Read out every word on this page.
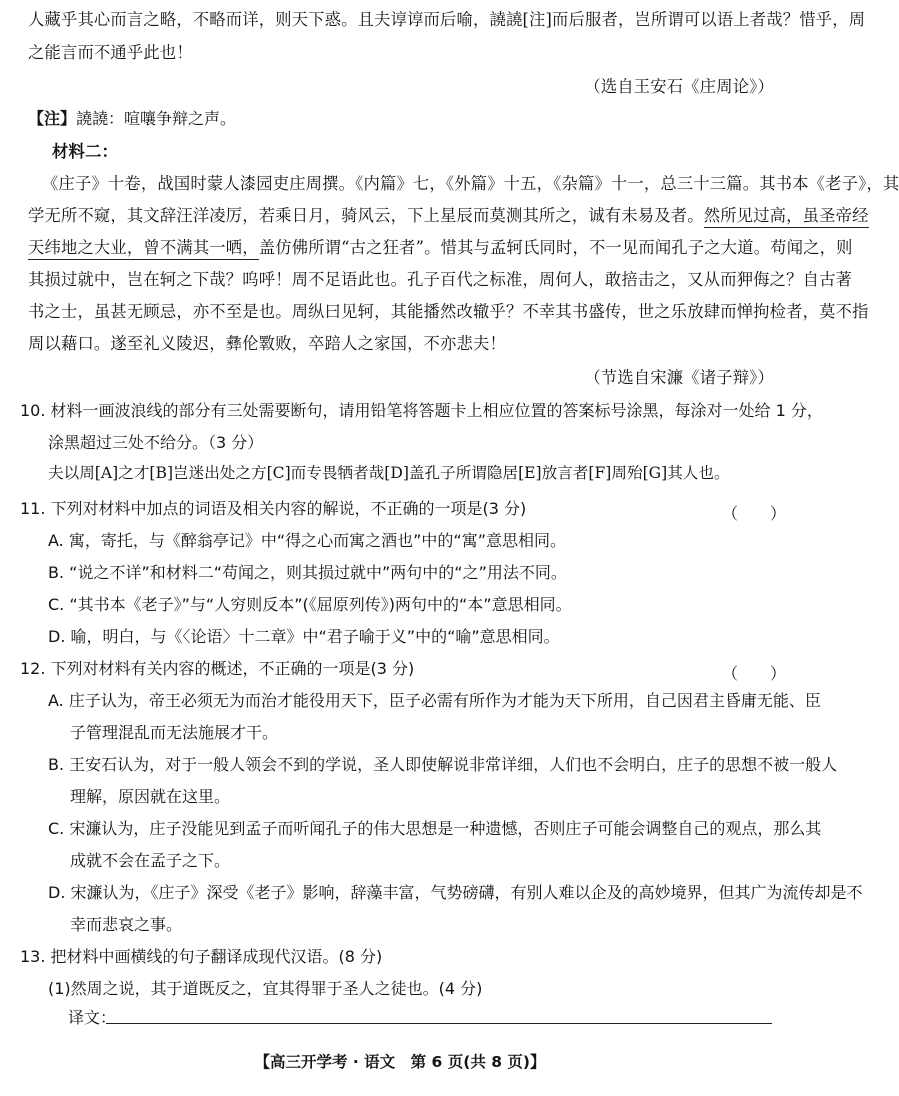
人藏乎其心而言之略，不略而详，则天下惑。且夫谆谆而后喻，譊譊[注]而后服者，岂所谓可以语上者哉？惜乎，周
之能言而不通乎此也！
（选自王安石《庄周论》）
【注】譊譊：喧嚷争辩之声。
材料二：
《庄子》十卷，战国时蒙人漆园吏庄周撰。《内篇》七，《外篇》十五，《杂篇》十一，总三十三篇。其书本《老子》，其
学无所不窥，其文辞汪洋凌厉，若乘日月，骑风云，下上星辰而莫测其所之，诚有未易及者。然所见过高，虽圣帝经
天纬地之大业，曾不满其一哂，盖仿佛所谓“古之狂者”。惜其与孟轲氏同时，不一见而闻孔子之大道。苟闻之，则
其损过就中，岂在轲之下哉？呜呼！周不足语此也。孔子百代之标准，周何人，敢掊击之，又从而狎侮之？自古著
书之士，虽甚无顾忌，亦不至是也。周纵曰见轲，其能播然改辙乎？不幸其书盛传，世之乐放肆而惮拘检者，莫不指
周以藉口。遂至礼义陵迟，彝伦斁败，卒踣人之家国，不亦悲夫！
（节选自宋濂《诸子辩》）
10. 材料一画波浪线的部分有三处需要断句，请用铅笔将答题卡上相应位置的答案标号涂黑，每涂对一处给 1 分，
涂黑超过三处不给分。（3 分）
夫以周[A]之才[B]岂迷出处之方[C]而专畏牺者哉[D]盖孔子所谓隐居[E]放言者[F]周殆[G]其人也。
11. 下列对材料中加点的词语及相关内容的解说，不正确的一项是(3 分)	（　　）
A. 寓，寄托，与《醉翁亭记》中“得之心而寓之酒也”中的“寓”意思相同。
B. “说之不详”和材料二“苟闻之，则其损过就中”两句中的“之”用法不同。
C. “其书本《老子》”与“人穷则反本”(《屈原列传》)两句中的“本”意思相同。
D. 喻，明白，与《〈论语〉十二章》中“君子喻于义”中的“喻”意思相同。
12. 下列对材料有关内容的概述，不正确的一项是(3 分)	（　　）
A. 庄子认为，帝王必须无为而治才能役用天下，臣子必需有所作为才能为天下所用，自己因君主昏庸无能、臣
子管理混乱而无法施展才干。
B. 王安石认为，对于一般人领会不到的学说，圣人即使解说非常详细，人们也不会明白，庄子的思想不被一般人
理解，原因就在这里。
C. 宋濂认为，庄子没能见到孟子而听闻孔子的伟大思想是一种遗憾，否则庄子可能会调整自己的观点，那么其
成就不会在孟子之下。
D. 宋濂认为，《庄子》深受《老子》影响，辞藻丰富，气势磅礴，有别人难以企及的高妙境界，但其广为流传却是不
幸而悲哀之事。
13. 把材料中画横线的句子翻译成现代汉语。(8 分)
(1)然周之说，其于道既反之，宜其得罪于圣人之徒也。(4 分)
译文：
【高三开学考 · 语文　第 6 页(共 8 页)】
